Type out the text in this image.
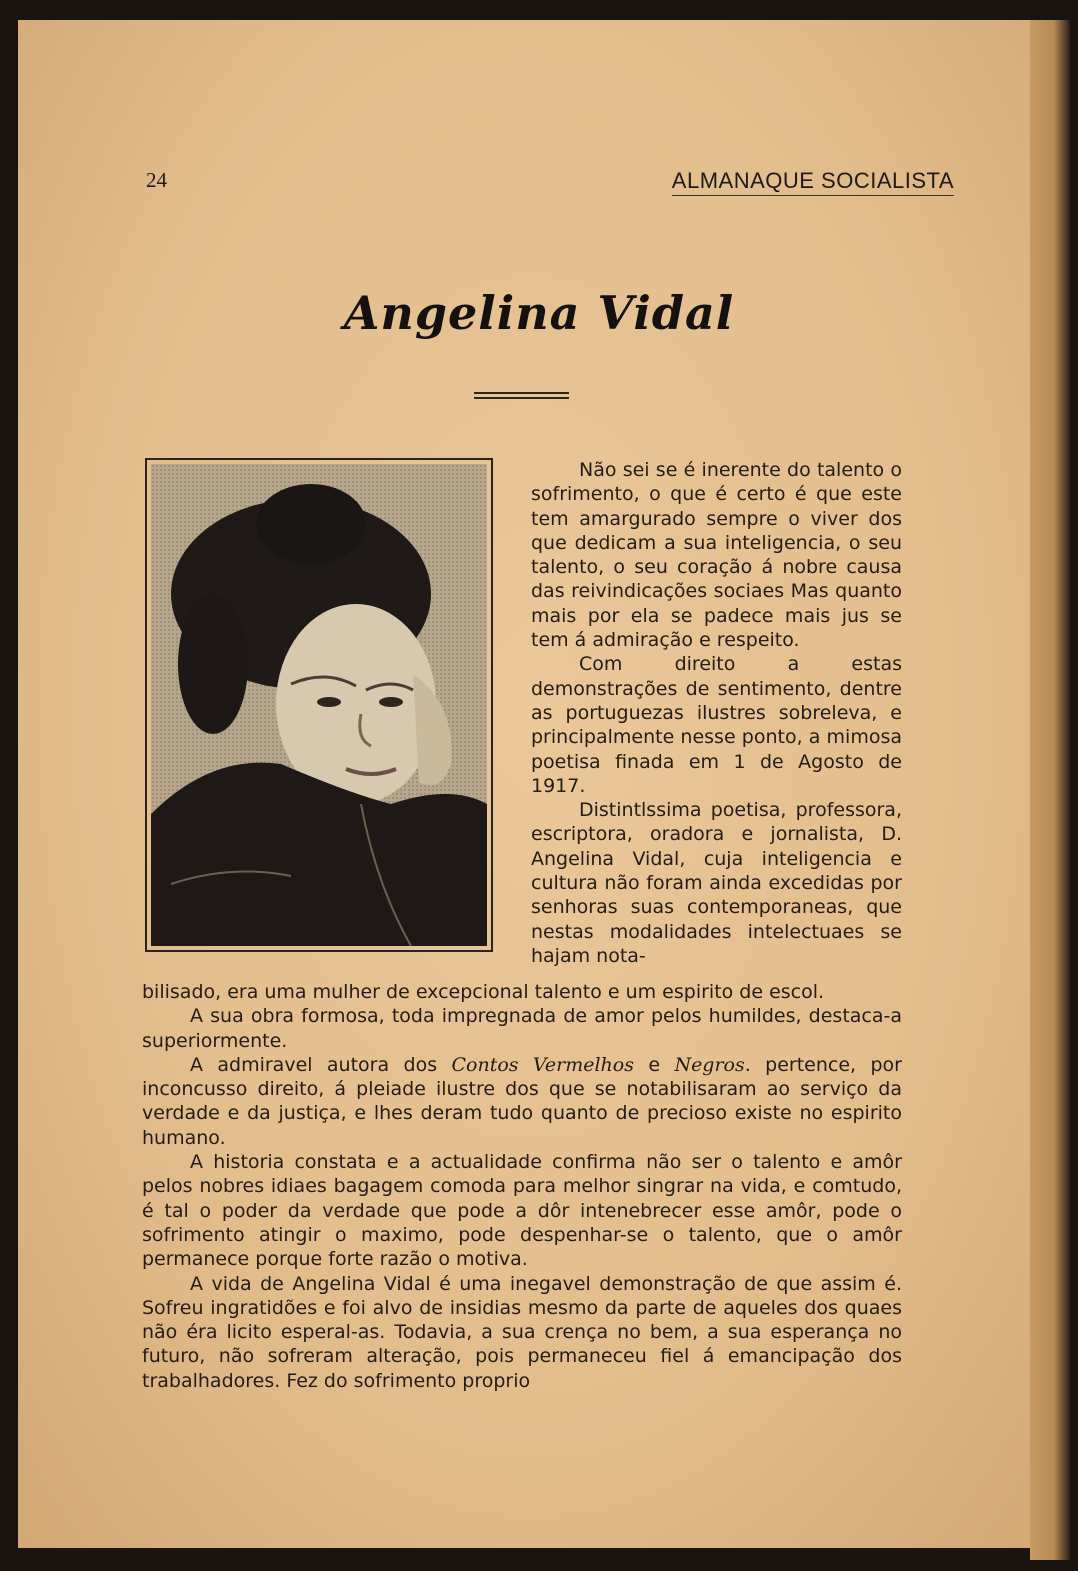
24	ALMANAQUE SOCIALISTA
Angelina Vidal

Não sei se é inerente do talento o sofrimento, o que é certo é que este tem amargurado sempre o viver dos que dedicam a sua inteligencia, o seu talento, o seu coração á nobre causa das reivindicações sociaes Mas quanto mais por ela se padece mais jus se tem á admiração e respeito.

Com direito a estas demonstrações de sentimento, dentre as portuguezas ilustres sobreleva, e principalmente nesse ponto, a mimosa poetisa finada em 1 de Agosto de 1917.

Distintlssima poetisa, professora, escriptora, oradora e jornalista, D. Angelina Vidal, cuja inteligencia e cultura não foram ainda excedidas por senhoras suas contemporaneas, que nestas modalidades intelectuaes se hajam nota-

bilisado, era uma mulher de excepcional talento e um espirito de escol.

A sua obra formosa, toda impregnada de amor pelos humildes, destaca-a superiormente.

A admiravel autora dos Contos Vermelhos e Negros. pertence, por inconcusso direito, á pleiade ilustre dos que se notabilisaram ao serviço da verdade e da justiça, e lhes deram tudo quanto de precioso existe no espirito humano.

A historia constata e a actualidade confirma não ser o talento e amôr pelos nobres idiaes bagagem comoda para melhor singrar na vida, e comtudo, é tal o poder da verdade que pode a dôr intenebrecer esse amôr, pode o sofrimento atingir o maximo, pode despenhar-se o talento, que o amôr permanece porque forte razão o motiva.

A vida de Angelina Vidal é uma inegavel demonstração de que assim é. Sofreu ingratidões e foi alvo de insidias mesmo da parte de aqueles dos quaes não éra licito esperal-as. Todavia, a sua crença no bem, a sua esperança no futuro, não sofreram alteração, pois permaneceu fiel á emancipação dos trabalhadores. Fez do sofrimento proprio
